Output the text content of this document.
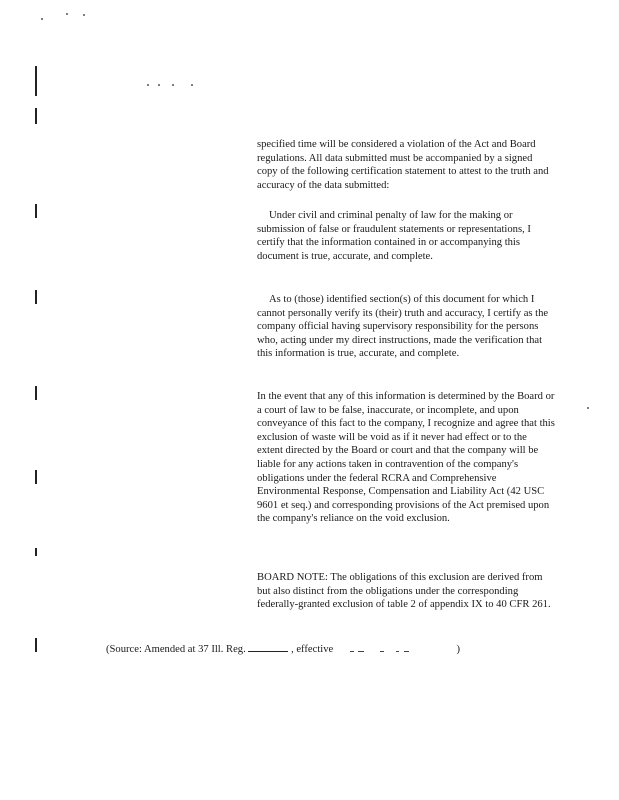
specified time will be considered a violation of the Act and Board regulations. All data submitted must be accompanied by a signed copy of the following certification statement to attest to the truth and accuracy of the data submitted:

Under civil and criminal penalty of law for the making or submission of false or fraudulent statements or representations, I certify that the information contained in or accompanying this document is true, accurate, and complete.

As to (those) identified section(s) of this document for which I cannot personally verify its (their) truth and accuracy, I certify as the company official having supervisory responsibility for the persons who, acting under my direct instructions, made the verification that this information is true, accurate, and complete.

In the event that any of this information is determined by the Board or a court of law to be false, inaccurate, or incomplete, and upon conveyance of this fact to the company, I recognize and agree that this exclusion of waste will be void as if it never had effect or to the extent directed by the Board or court and that the company will be liable for any actions taken in contravention of the company's obligations under the federal RCRA and Comprehensive Environmental Response, Compensation and Liability Act (42 USC 9601 et seq.) and corresponding provisions of the Act premised upon the company's reliance on the void exclusion.

BOARD NOTE: The obligations of this exclusion are derived from but also distinct from the obligations under the corresponding federally-granted exclusion of table 2 of appendix IX to 40 CFR 261.

(Source: Amended at 37 Ill. Reg.	, effective	)
